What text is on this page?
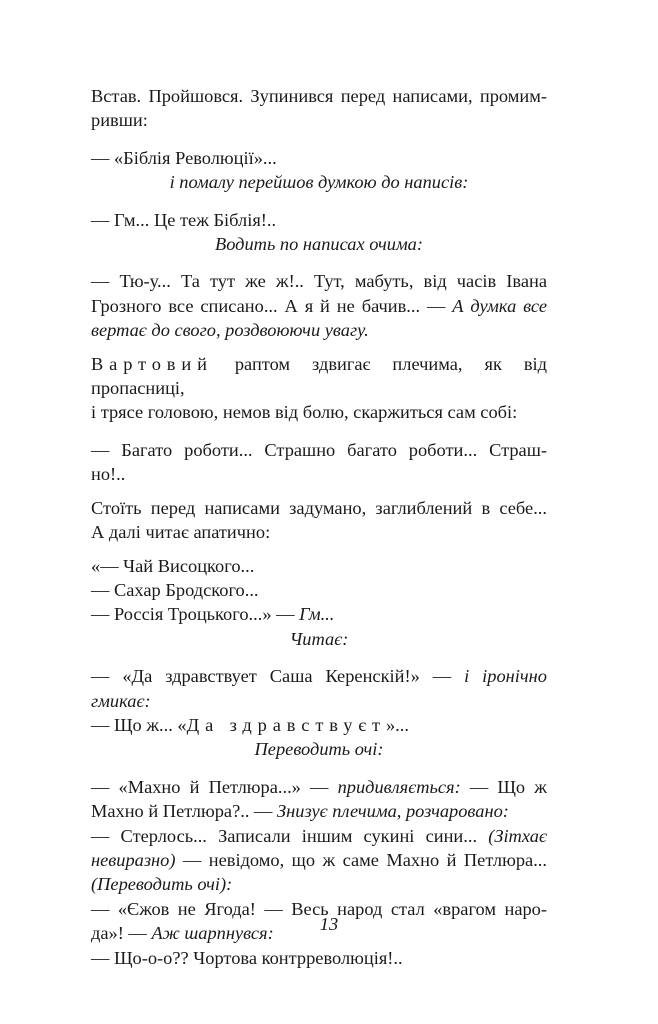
Встав. Пройшовся. Зупинився перед написами, промим-

ривши:

— «Біблія Революції»...

і помалу перейшов думкою до написів:

— Гм... Це теж Біблія!..

Водить по написах очима:

— Тю-у... Та тут же ж!.. Тут, мабуть, від часів Івана

Грозного все списано... А я й не бачив... — А думка все

вертає до свого, роздвоюючи увагу.

Вартовий раптом здвигає плечима, як від пропасниці,

і трясе головою, немов від болю, скаржиться сам собі:

— Багато роботи... Страшно багато роботи... Страш-

но!..

Стоїть перед написами задумано, заглиблений в себе...

А далі читає апатично:

«— Чай Висоцкого...

— Сахар Бродского...

— Россія Троцького...» — Гм...

Читає:

— «Да здравствует Саша Керенскій!» — і іронічно

гмикає:

— Що ж... «Да здравствуєт»...

Переводить очі:

— «Махно й Петлюра...» — придивляється: — Що ж

Махно й Петлюра?.. — Знизує плечима, розчаровано:

— Стерлось... Записали іншим сукині сини... (Зітхає

невиразно) — невідомо, що ж саме Махно й Петлюра...

(Переводить очі):

— «Єжов не Ягода! — Весь народ стал «врагом наро-

да»! — Аж шарпнувся:

— Що-о-о?? Чортова контрреволюція!..

13
